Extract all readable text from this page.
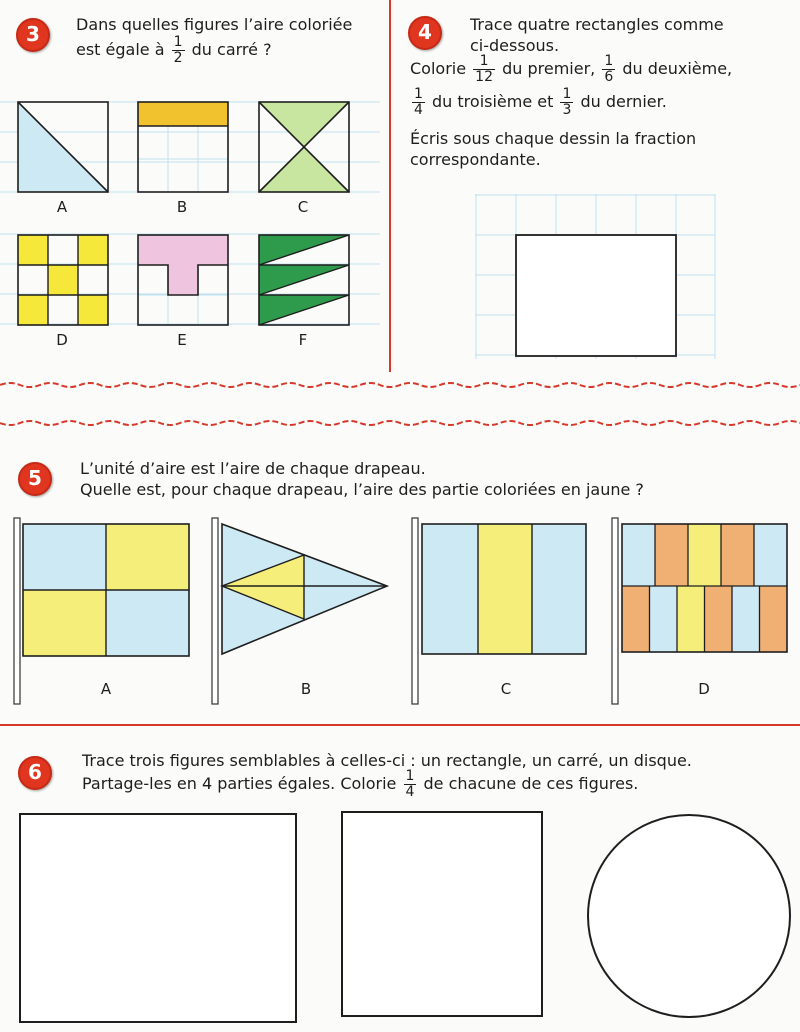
3	Dans quelles figures l’aire coloriée
est égale à $\frac{1}{2}$ du carré ?
A	B	C
D	E	F
4	Trace quatre rectangles comme
ci-dessous.
Colorie $\frac{1}{12}$ du premier, $\frac{1}{6}$ du deuxième,
$\frac{1}{4}$ du troisième et $\frac{1}{3}$ du dernier.
Écris sous chaque dessin la fraction
correspondante.
5	L’unité d’aire est l’aire de chaque drapeau.
Quelle est, pour chaque drapeau, l’aire des partie coloriées en jaune ?
A	B	C	D
6	Trace trois figures semblables à celles-ci : un rectangle, un carré, un disque.
Partage-les en 4 parties égales. Colorie $\frac{1}{4}$ de chacune de ces figures.
